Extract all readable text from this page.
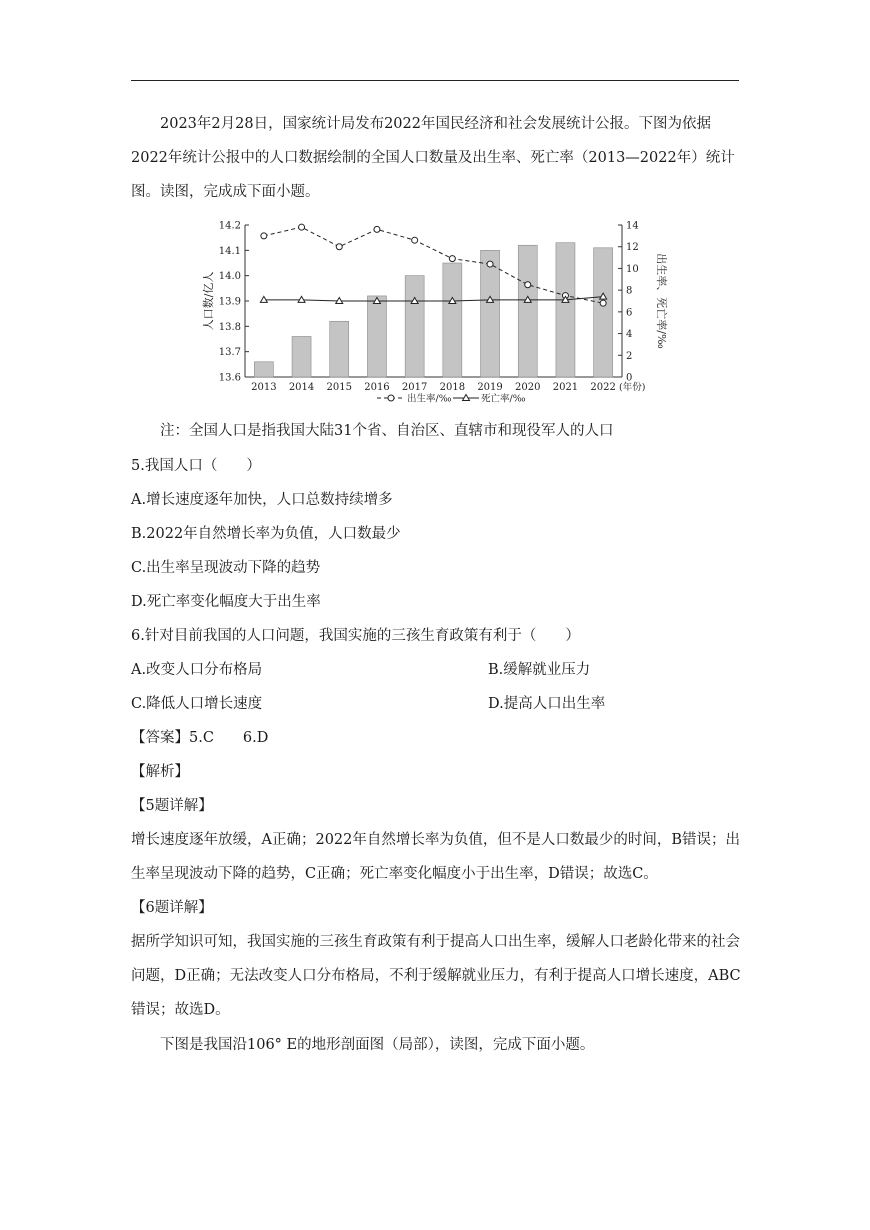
2023年2月28日，国家统计局发布2022年国民经济和社会发展统计公报。下图为依据2022年统计公报中的人口数据绘制的全国人口数量及出生率、死亡率（2013—2022年）统计图。读图，完成成下面小题。
13.6
13.7
13.8
13.9
14.0
14.1
14.2
0
2
4
6
8
10
12
14
2013 2014 2015 2016 2017 2018 2019 2020 2021 2022 (年份)
人口数/亿人	出生率、死亡率/‰
出生率/‰	死亡率/‰
注：全国人口是指我国大陆31个省、自治区、直辖市和现役军人的人口
5.我国人口（　　）
A.增长速度逐年加快，人口总数持续增多
B.2022年自然增长率为负值，人口数最少
C.出生率呈现波动下降的趋势
D.死亡率变化幅度大于出生率
6.针对目前我国的人口问题，我国实施的三孩生育政策有利于（　　）
A.改变人口分布格局	B.缓解就业压力
C.降低人口增长速度	D.提高人口出生率
【答案】5.C　　6.D
【解析】
【5题详解】
增长速度逐年放缓，A正确；2022年自然增长率为负值，但不是人口数最少的时间，B错误；出生率呈现波动下降的趋势，C正确；死亡率变化幅度小于出生率，D错误；故选C。
【6题详解】
据所学知识可知，我国实施的三孩生育政策有利于提高人口出生率，缓解人口老龄化带来的社会问题，D正确；无法改变人口分布格局，不利于缓解就业压力，有利于提高人口增长速度，ABC错误；故选D。
下图是我国沿106° E的地形剖面图（局部），读图，完成下面小题。
